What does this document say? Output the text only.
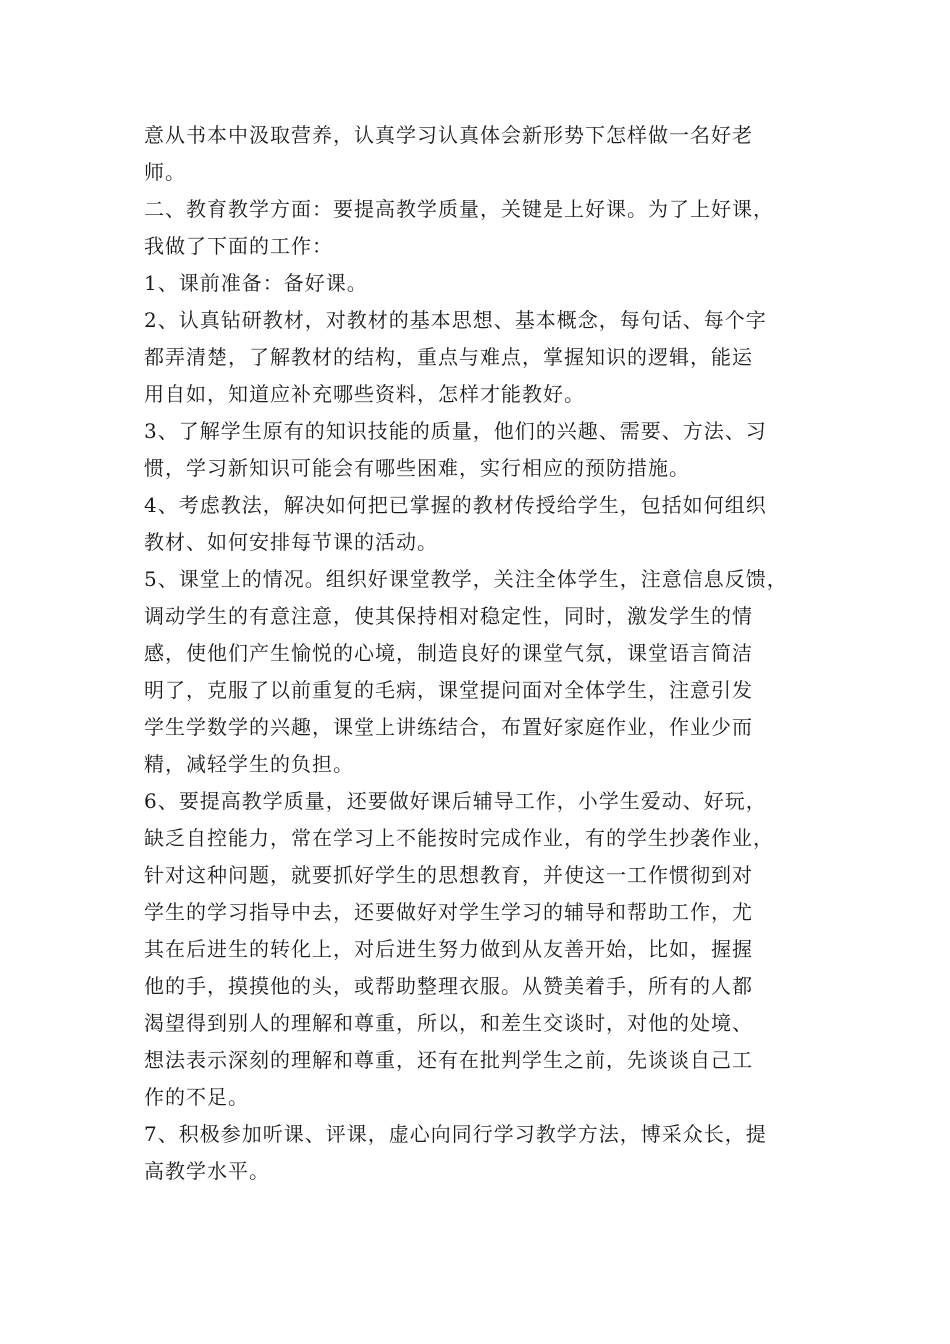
意从书本中汲取营养，认真学习认真体会新形势下怎样做一名好老
师。
二、教育教学方面：要提高教学质量，关键是上好课。为了上好课，
我做了下面的工作：
1、课前准备：备好课。
2、认真钻研教材，对教材的基本思想、基本概念，每句话、每个字
都弄清楚，了解教材的结构，重点与难点，掌握知识的逻辑，能运
用自如，知道应补充哪些资料，怎样才能教好。
3、了解学生原有的知识技能的质量，他们的兴趣、需要、方法、习
惯，学习新知识可能会有哪些困难，实行相应的预防措施。
4、考虑教法，解决如何把已掌握的教材传授给学生，包括如何组织
教材、如何安排每节课的活动。
5、课堂上的情况。组织好课堂教学，关注全体学生，注意信息反馈，
调动学生的有意注意，使其保持相对稳定性，同时，激发学生的情
感，使他们产生愉悦的心境，制造良好的课堂气氛，课堂语言简洁
明了，克服了以前重复的毛病，课堂提问面对全体学生，注意引发
学生学数学的兴趣，课堂上讲练结合，布置好家庭作业，作业少而
精，减轻学生的负担。
6、要提高教学质量，还要做好课后辅导工作，小学生爱动、好玩，
缺乏自控能力，常在学习上不能按时完成作业，有的学生抄袭作业，
针对这种问题，就要抓好学生的思想教育，并使这一工作惯彻到对
学生的学习指导中去，还要做好对学生学习的辅导和帮助工作，尤
其在后进生的转化上，对后进生努力做到从友善开始，比如，握握
他的手，摸摸他的头，或帮助整理衣服。从赞美着手，所有的人都
渴望得到别人的理解和尊重，所以，和差生交谈时，对他的处境、
想法表示深刻的理解和尊重，还有在批判学生之前，先谈谈自己工
作的不足。
7、积极参加听课、评课，虚心向同行学习教学方法，博采众长，提
高教学水平。
